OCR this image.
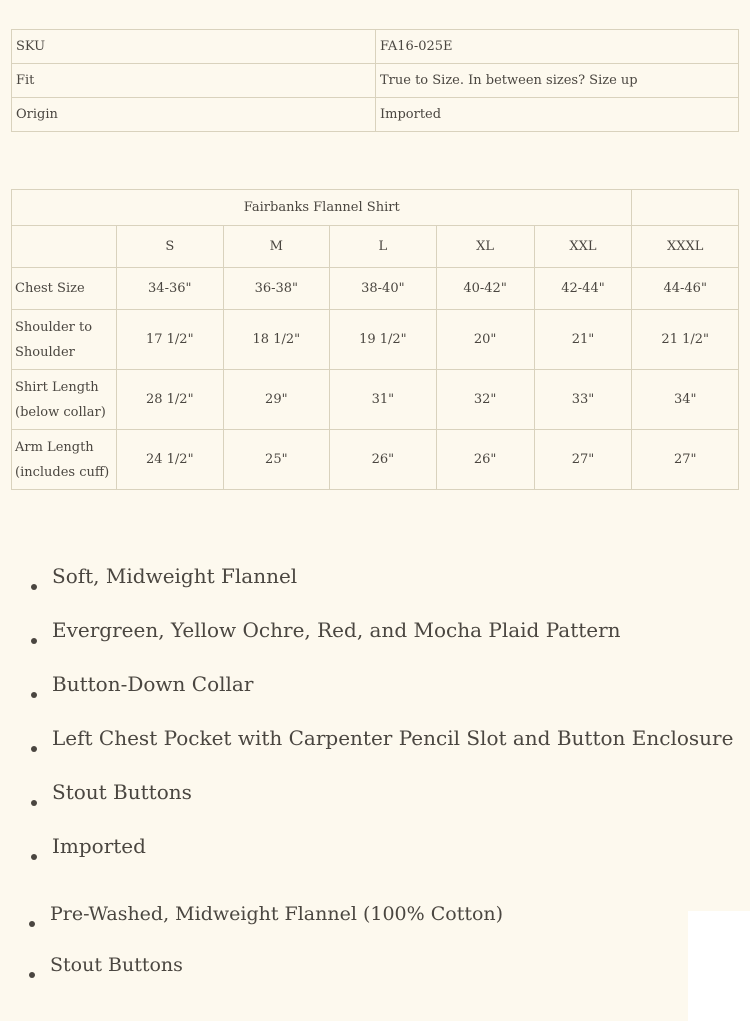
SKU	FA16-025E
Fit	True to Size. In between sizes? Size up
Origin	Imported
Fairbanks Flannel Shirt						
	S	M	L	XL	XXL	XXXL
Chest Size	34-36"	36-38"	38-40"	40-42"	42-44"	44-46"
Shoulder to
Shoulder	17 1/2"	18 1/2"	19 1/2"	20"	21"	21 1/2"
Shirt Length
(below collar)	28 1/2"	29"	31"	32"	33"	34"
Arm Length
(includes cuff)	24 1/2"	25"	26"	26"	27"	27"
Soft, Midweight Flannel
Evergreen, Yellow Ochre, Red, and Mocha Plaid Pattern
Button-Down Collar
Left Chest Pocket with Carpenter Pencil Slot and Button Enclosure
Stout Buttons
Imported
Pre-Washed, Midweight Flannel (100% Cotton)
Stout Buttons
